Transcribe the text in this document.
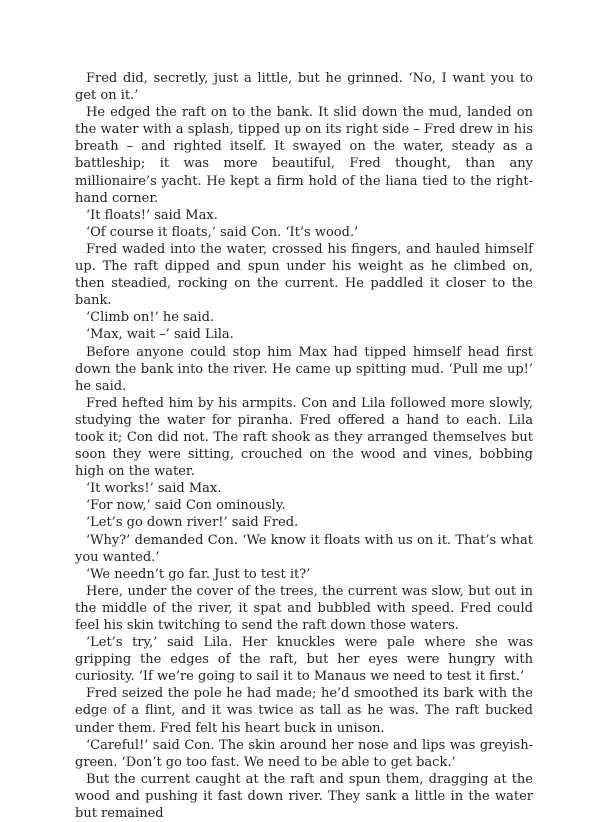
Fred did, secretly, just a little, but he grinned. ‘No, I want you to get on it.’

He edged the raft on to the bank. It slid down the mud, landed on the water with a splash, tipped up on its right side – Fred drew in his breath – and righted itself. It swayed on the water, steady as a battleship; it was more beautiful, Fred thought, than any millionaire’s yacht. He kept a firm hold of the liana tied to the right-hand corner.

‘It floats!’ said Max.

‘Of course it floats,’ said Con. ‘It’s wood.’

Fred waded into the water, crossed his fingers, and hauled himself up. The raft dipped and spun under his weight as he climbed on, then steadied, rocking on the current. He paddled it closer to the bank.

‘Climb on!’ he said.

‘Max, wait –’ said Lila.

Before anyone could stop him Max had tipped himself head first down the bank into the river. He came up spitting mud. ‘Pull me up!’ he said.

Fred hefted him by his armpits. Con and Lila followed more slowly, studying the water for piranha. Fred offered a hand to each. Lila took it; Con did not. The raft shook as they arranged themselves but soon they were sitting, crouched on the wood and vines, bobbing high on the water.

‘It works!’ said Max.

‘For now,’ said Con ominously.

‘Let’s go down river!’ said Fred.

‘Why?’ demanded Con. ‘We know it floats with us on it. That’s what you wanted.’

‘We needn’t go far. Just to test it?’

Here, under the cover of the trees, the current was slow, but out in the middle of the river, it spat and bubbled with speed. Fred could feel his skin twitching to send the raft down those waters.

‘Let’s try,’ said Lila. Her knuckles were pale where she was gripping the edges of the raft, but her eyes were hungry with curiosity. ‘If we’re going to sail it to Manaus we need to test it first.’

Fred seized the pole he had made; he’d smoothed its bark with the edge of a flint, and it was twice as tall as he was. The raft bucked under them. Fred felt his heart buck in unison.

‘Careful!’ said Con. The skin around her nose and lips was greyish-green. ‘Don’t go too fast. We need to be able to get back.’

But the current caught at the raft and spun them, dragging at the wood and pushing it fast down river. They sank a little in the water but remained
